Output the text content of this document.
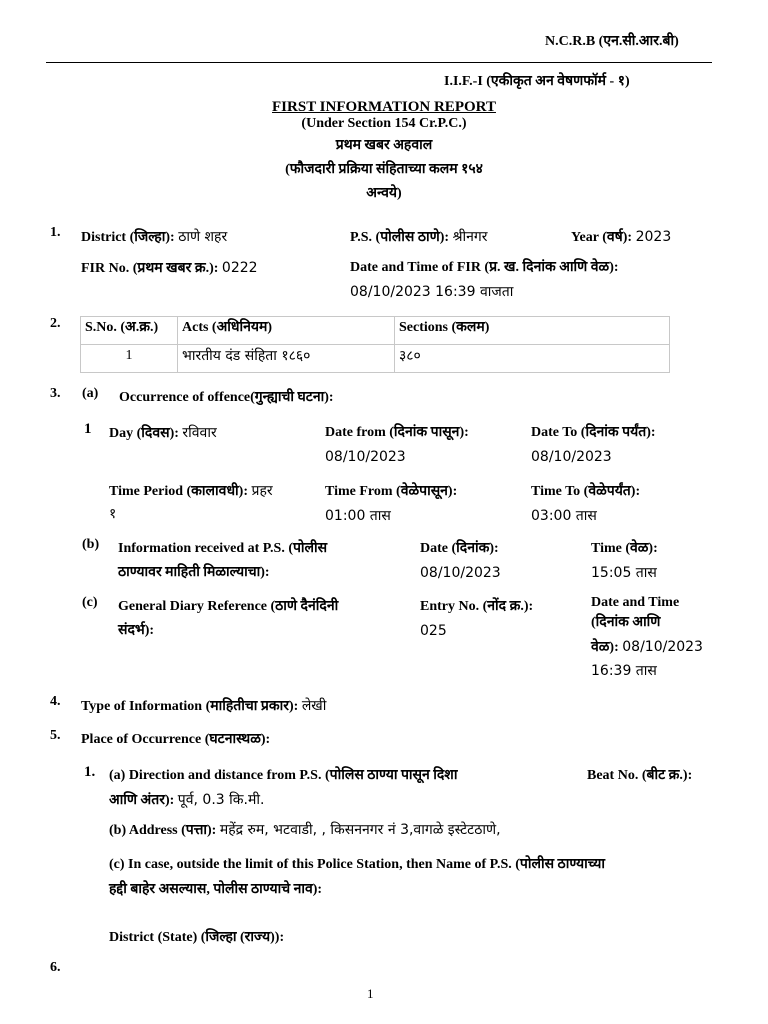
N.C.R.B (एन.सी.आर.बी)
I.I.F.-I (एकीकृत अन वेषणफॉर्म - १)
FIRST INFORMATION REPORT
(Under Section 154 Cr.P.C.)
प्रथम खबर अहवाल
(फौजदारी प्रक्रिया संहिताच्या कलम १५४
अन्वये)
1. District (जिल्हा): ठाणे शहर	P.S. (पोलीस ठाणे): श्रीनगर	Year (वर्ष): 2023
FIR No. (प्रथम खबर क्र.): 0222	Date and Time of FIR (प्र. ख. दिनांक आणि वेळ):
08/10/2023 16:39 वाजता
2. S.No. (अ.क्र.)	Acts (अधिनियम)	Sections (कलम)
1	भारतीय दंड संहिता १८६०	३८०
3. (a) Occurrence of offence(गुन्ह्याची घटना):
1 Day (दिवस): रविवार	Date from (दिनांक पासून):
08/10/2023
Date To (दिनांक पर्यंत):
08/10/2023
Time Period (कालावधी): प्रहर
१
Time From (वेळेपासून):
01:00 तास
Time To (वेळेपर्यंत):
03:00 तास
(b) Information received at P.S. (पोलीस
ठाण्यावर माहिती मिळाल्याचा):
Date (दिनांक):
08/10/2023
Time (वेळ):
15:05 तास
(c) General Diary Reference (ठाणे दैनंदिनी
संदर्भ):
Entry No. (नोंद क्र.):
025
Date and Time
(दिनांक आणि
वेळ): 08/10/2023
16:39 तास
4. Type of Information (माहितीचा प्रकार): लेखी
5. Place of Occurrence (घटनास्थळ):
1. (a) Direction and distance from P.S. (पोलिस ठाण्या पासून दिशा	Beat No. (बीट क्र.):
आणि अंतर): पूर्व, 0.3 कि.मी.
(b) Address (पत्ता): महेंद्र रुम, भटवाडी, , किसननगर नं 3,वागळे इस्टेटठाणे,
(c) In case, outside the limit of this Police Station, then Name of P.S. (पोलीस ठाण्याच्या
हद्दी बाहेर असल्यास, पोलीस ठाण्याचे नाव):
District (State) (जिल्हा (राज्य)):
6.
1
